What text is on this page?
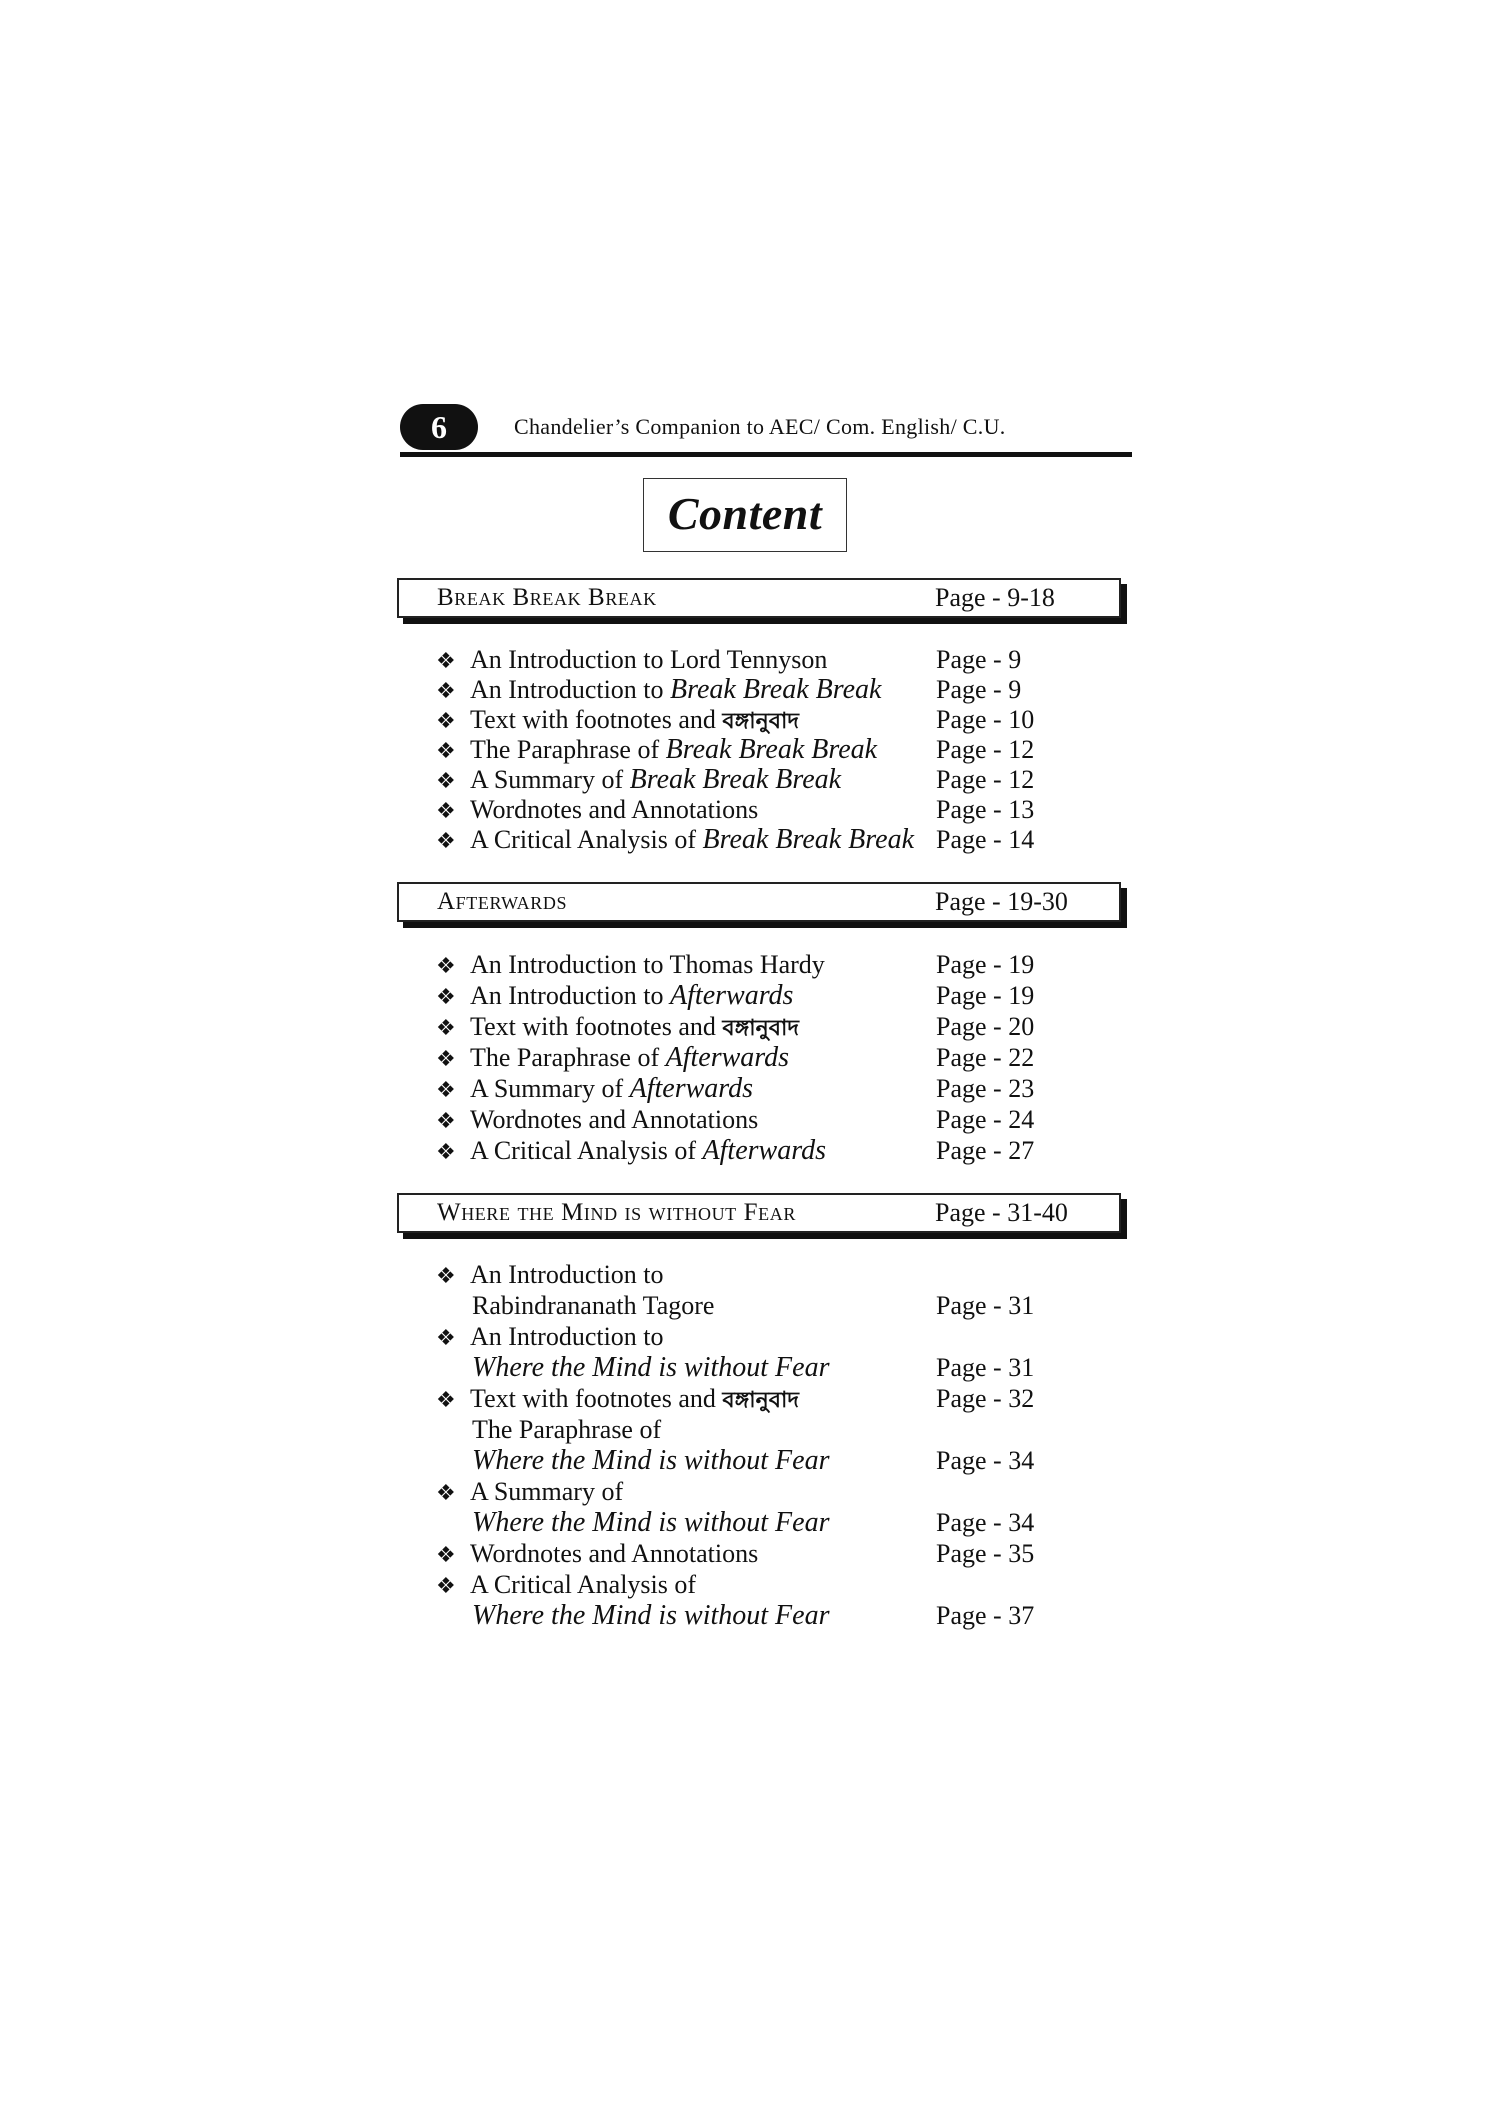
6	Chandelier’s Companion to AEC/ Com. English/ C.U.
Content
Break Break Break	Page - 9-18
❖ An Introduction to Lord Tennyson	Page - 9
❖ An Introduction to Break Break Break Page - 9
❖ Text with footnotes and বঙ্গানুবাদ	Page - 10
❖ The Paraphrase of Break Break Break Page - 12
❖ A Summary of Break Break Break	Page - 12
❖ Wordnotes and Annotations	Page - 13
❖ A Critical Analysis of Break Break Break Page - 14
Afterwards	Page - 19-30
❖ An Introduction to Thomas Hardy	Page - 19
❖ An Introduction to Afterwards	Page - 19
❖ Text with footnotes and বঙ্গানুবাদ	Page - 20
❖ The Paraphrase of Afterwards	Page - 22
❖ A Summary of Afterwards	Page - 23
❖ Wordnotes and Annotations	Page - 24
❖ A Critical Analysis of Afterwards	Page - 27
Where the Mind is without Fear	Page - 31-40
❖ An Introduction to
Rabindrananath Tagore	Page - 31
❖ An Introduction to
Where the Mind is without Fear	Page - 31
❖ Text with footnotes and বঙ্গানুবাদ	Page - 32
The Paraphrase of
Where the Mind is without Fear	Page - 34
❖ A Summary of
Where the Mind is without Fear	Page - 34
❖ Wordnotes and Annotations	Page - 35
❖ A Critical Analysis of
Where the Mind is without Fear	Page - 37
